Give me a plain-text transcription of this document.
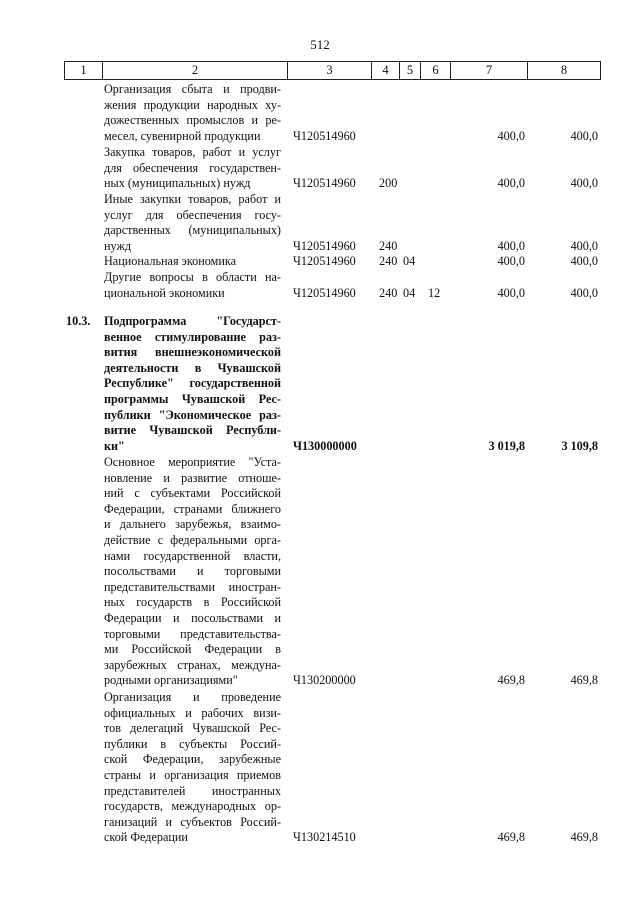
512
1	2	3	4	5	6	7	8
Организация сбыта и продви-
жения продукции народных ху-
дожественных промыслов и ре-
месел, сувенирной продукции	Ч120514960	400,0	400,0
Закупка товаров, работ и услуг
для обеспечения государствен-
ных (муниципальных) нужд	Ч120514960 200	400,0	400,0
Иные закупки товаров, работ и
услуг для обеспечения госу-
дарственных (муниципальных)
нужд	Ч120514960 240	400,0	400,0
Национальная экономика	Ч120514960 240 04	400,0	400,0
Другие вопросы в области на-
циональной экономики	Ч120514960 240 04 12	400,0	400,0
10.3. Подпрограмма "Государст-
венное стимулирование раз-
вития внешнеэкономической
деятельности в Чувашской
Республике" государственной
программы Чувашской Рес-
публики "Экономическое раз-
витие Чувашской Республи-
ки"	Ч130000000	3 019,8	3 109,8
Основное мероприятие "Уста-
новление и развитие отноше-
ний с субъектами Российской
Федерации, странами ближнего
и дальнего зарубежья, взаимо-
действие с федеральными орга-
нами государственной власти,
посольствами и торговыми
представительствами иностран-
ных государств в Российской
Федерации и посольствами и
торговыми представительства-
ми Российской Федерации в
зарубежных странах, междуна-
родными организациями"	Ч130200000	469,8	469,8
Организация и проведение
официальных и рабочих визи-
тов делегаций Чувашской Рес-
публики в субъекты Россий-
ской Федерации, зарубежные
страны и организация приемов
представителей иностранных
государств, международных ор-
ганизаций и субъектов Россий-
ской Федерации	Ч130214510	469,8	469,8
